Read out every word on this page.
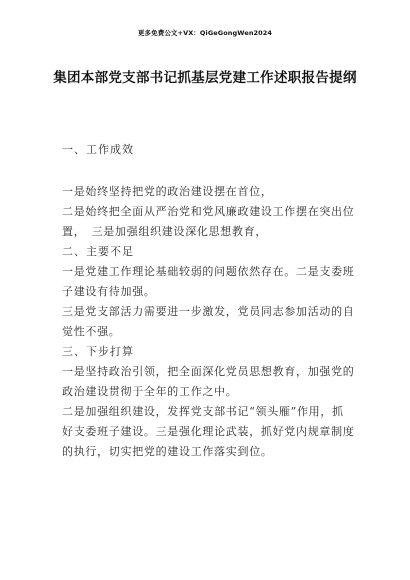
更多免费公文+VX：QiGeGongWen2024
集团本部党支部书记抓基层党建工作述职报告提纲
一、工作成效
一是始终坚持把党的政治建设摆在首位，
二是始终把全面从严治党和党风廉政建设工作摆在突出位
置，　三是加强组织建设深化思想教育，
二、主要不足
一是党建工作理论基础较弱的问题依然存在。二是支委班
子建设有待加强。
三是党支部活力需要进一步激发，党员同志参加活动的自
觉性不强。
三、下步打算
一是坚持政治引领，把全面深化党员思想教育，加强党的
政治建设贯彻于全年的工作之中。
二是加强组织建设，发挥党支部书记“领头雁”作用，抓
好支委班子建设。三是强化理论武装，抓好党内规章制度
的执行，切实把党的建设工作落实到位。
